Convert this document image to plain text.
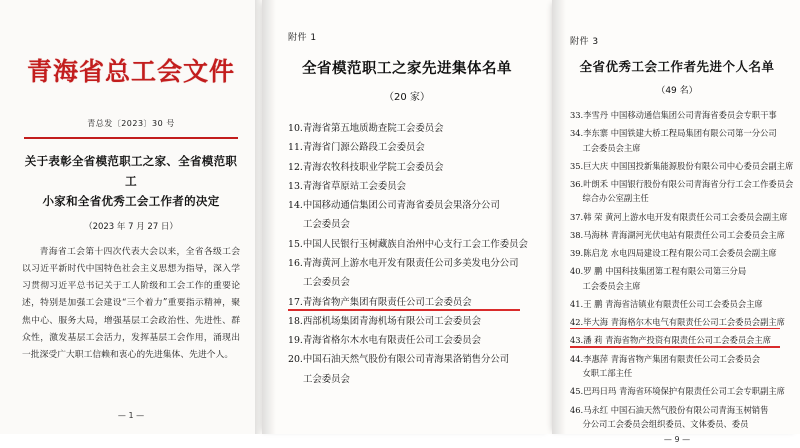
青海省总工会文件
青总发〔2023〕30 号
关于表彰全省模范职工之家、全省模范职工
小家和全省优秀工会工作者的决定
（2023 年 7 月 27 日）

青海省工会第十四次代表大会以来，全省各级工会以习近平新时代中国特色社会主义思想为指导，深入学习贯彻习近平总书记关于工人阶级和工会工作的重要论述，特别是加强工会建设“三个着力”重要指示精神，聚焦中心、服务大局，增强基层工会政治性、先进性、群众性，激发基层工会活力，发挥基层工会作用，涌现出一批深受广大职工信赖和衷心的先进集体、先进个人。

— 1 —
附件 1
全省模范职工之家先进集体名单
（20 家）
10.青海省第五地质勘查院工会委员会
11.青海省门源公路段工会委员会
12.青海农牧科技职业学院工会委员会
13.青海省草原站工会委员会
14.中国移动通信集团公司青海省委员会果洛分公司
工会委员会
15.中国人民银行玉树藏族自治州中心支行工会工作委员会
16.青海黄河上游水电开发有限责任公司多美发电分公司
工会委员会
17.青海省物产集团有限责任公司工会委员会
18.西部机场集团青海机场有限公司工会委员会
19.青海省格尔木水电有限责任公司工会委员会
20.中国石油天然气股份有限公司青海果洛销售分公司
工会委员会
附件 3
全省优秀工会工作者先进个人名单
（49 名）
33.李雪丹 中国移动通信集团公司青海省委员会专职干事
34.李东寨 中国铁建大桥工程局集团有限公司第一分公司
工会委员会主席
35.巨大庆 中国国投新集能源股份有限公司中心委员会副主席
36.叶朗禾 中国银行股份有限公司青海省分行工会工作委员会
综合办公室副主任
37.韩 荣 黄河上游水电开发有限责任公司工会委员会副主席
38.马海林 青海湖河光伏电站有限责任公司工会委员会主席
39.陈启龙 水电四局建设工程有限公司工会委员会副主席
40.罗 鹏 中国科技集团第工程有限公司第三分局
工会委员会主席
41.王 鹏 青海省洁镇业有限责任公司工会委员会主席
42.毕大海 青海格尔木电气有限责任公司工会委员会副主席
43.潘 莉 青海省物产投资有限责任公司工会委员会主席
44.李惠萍 青海省物产集团有限责任公司工会委员会
女职工部主任
45.巴玛日玛 青海省环境保护有限责任公司工会专职副主席
46.马永红 中国石油天然气股份有限公司青海玉树销售
分公司工会委员会组织委员、文体委员、委员
— 9 —
